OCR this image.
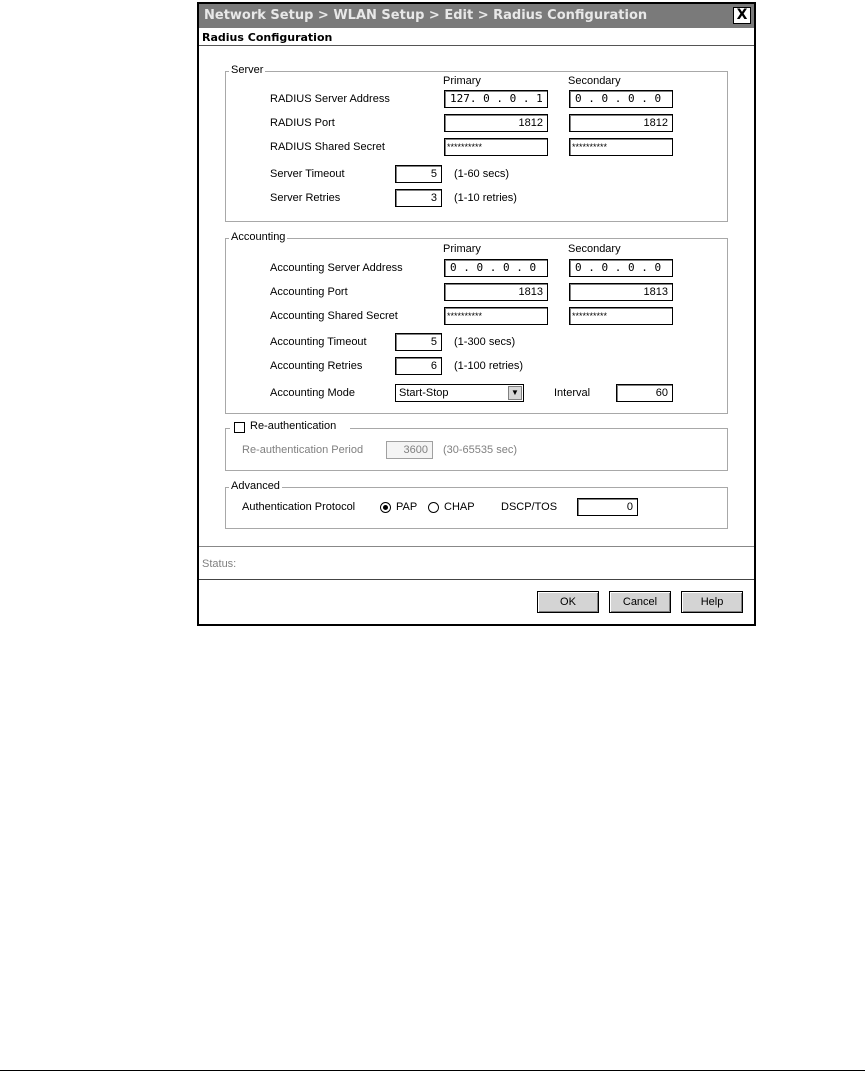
Network Setup > WLAN Setup > Edit > Radius Configuration	X
Radius Configuration
Server
Primary	Secondary
RADIUS Server Address	127. 0 . 0 . 1	0 . 0 . 0 . 0
RADIUS Port	1812	1812
RADIUS Shared Secret	**********	**********
Server Timeout	5	(1-60 secs)
Server Retries	3	(1-10 retries)
Accounting
Primary	Secondary
Accounting Server Address	0 . 0 . 0 . 0	0 . 0 . 0 . 0
Accounting Port	1813	1813
Accounting Shared Secret	**********	**********
Accounting Timeout	5	(1-300 secs)
Accounting Retries	6	(1-100 retries)
Accounting Mode	Start-Stop	▼	Interval	60
Re-authentication
Re-authentication Period	3600	(30-65535 sec)
Advanced
Authentication Protocol	PAP CHAP DSCP/TOS	0
Status:
OK	Cancel	Help
